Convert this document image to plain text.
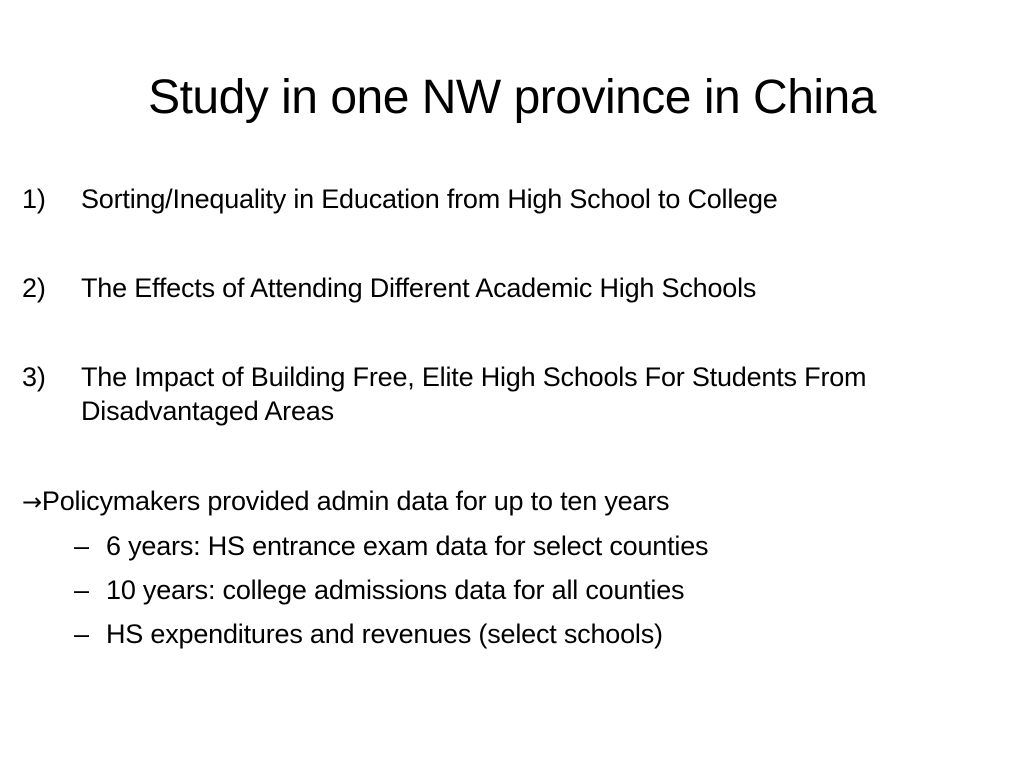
Study in one NW province in China
1) Sorting/Inequality in Education from High School to College
2) The Effects of Attending Different Academic High Schools
3) The Impact of Building Free, Elite High Schools For Students From Disadvantaged Areas
→Policymakers provided admin data for up to ten years
– 6 years: HS entrance exam data for select counties
– 10 years: college admissions data for all counties
– HS expenditures and revenues (select schools)
